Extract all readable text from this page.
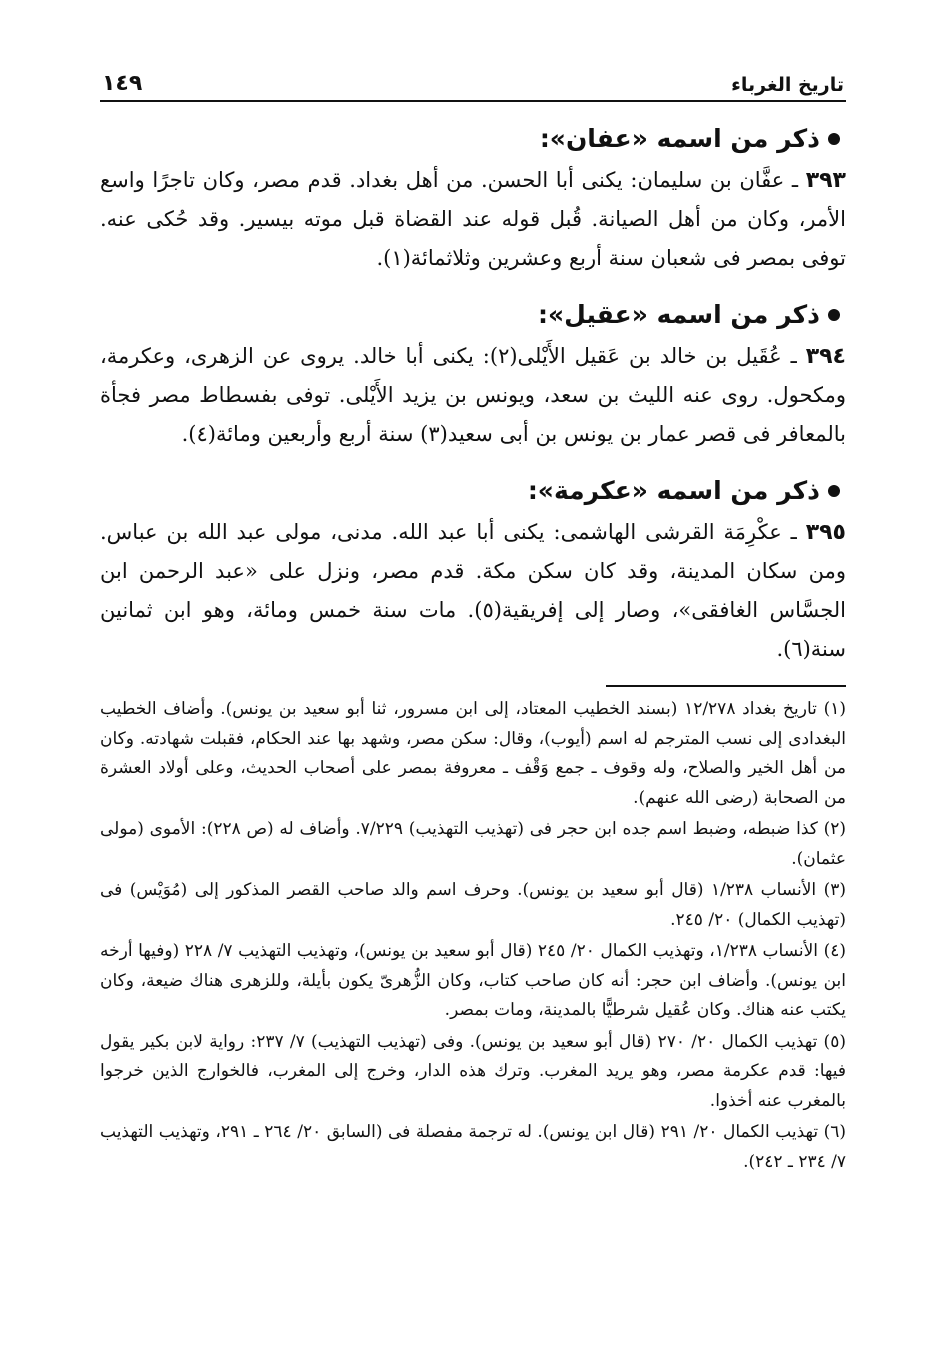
تاريخ الغرباء
١٤٩
ذكر من اسمه «عفان»:

٣٩٣ ـ عفَّان بن سليمان: يكنى أبا الحسن. من أهل بغداد. قدم مصر، وكان تاجرًا واسع الأمر، وكان من أهل الصيانة. قُبل قوله عند القضاة قبل موته بيسير. وقد حُكى عنه. توفى بمصر فى شعبان سنة أربع وعشرين وثلاثمائة(١).

ذكر من اسمه «عقيل»:

٣٩٤ ـ عُقَيل بن خالد بن عَقيل الأَيْلى(٢): يكنى أبا خالد. يروى عن الزهرى، وعكرمة، ومكحول. روى عنه الليث بن سعد، ويونس بن يزيد الأَيْلى. توفى بفسطاط مصر فجأة بالمعافر فى قصر عمار بن يونس بن أبى سعيد(٣) سنة أربع وأربعين ومائة(٤).

ذكر من اسمه «عكرمة»:

٣٩٥ ـ عكْرِمَة القرشى الهاشمى: يكنى أبا عبد الله. مدنى، مولى عبد الله بن عباس. ومن سكان المدينة، وقد كان سكن مكة. قدم مصر، ونزل على «عبد الرحمن ابن الجسَّاس الغافقى»، وصار إلى إفريقية(٥). مات سنة خمس ومائة، وهو ابن ثمانين سنة(٦).

(١) تاريخ بغداد ١٢/٢٧٨ (بسند الخطيب المعتاد، إلى ابن مسرور، ثنا أبو سعيد بن يونس). وأضاف الخطيب البغدادى إلى نسب المترجم له اسم (أيوب)، وقال: سكن مصر، وشهد بها عند الحكام، فقبلت شهادته. وكان من أهل الخير والصلاح، وله وقوف ـ جمع وَقْف ـ معروفة بمصر على أصحاب الحديث، وعلى أولاد العشرة من الصحابة (رضى الله عنهم).

(٢) كذا ضبطه، وضبط اسم جده ابن حجر فى (تهذيب التهذيب) ٧/٢٢٩. وأضاف له (ص ٢٢٨): الأموى (مولى عثمان).

(٣) الأنساب ١/٢٣٨ (قال أبو سعيد بن يونس). وحرف اسم والد صاحب القصر المذكور إلى (مُوَيْس) فى (تهذيب الكمال) ٢٠/ ٢٤٥.

(٤) الأنساب ١/٢٣٨، وتهذيب الكمال ٢٠/ ٢٤٥ (قال أبو سعيد بن يونس)، وتهذيب التهذيب ٧/ ٢٢٨ (وفيها أرخه ابن يونس). وأضاف ابن حجر: أنه كان صاحب كتاب، وكان الزُّهرىّ يكون بأيلة، وللزهرى هناك ضيعة، وكان يكتب عنه هناك. وكان عُقيل شرطيًّا بالمدينة، ومات بمصر.

(٥) تهذيب الكمال ٢٠/ ٢٧٠ (قال أبو سعيد بن يونس). وفى (تهذيب التهذيب) ٧/ ٢٣٧: رواية لابن بكير يقول فيها: قدم عكرمة مصر، وهو يريد المغرب. وترك هذه الدار، وخرج إلى المغرب، فالخوارج الذين خرجوا بالمغرب عنه أخذوا.

(٦) تهذيب الكمال ٢٠/ ٢٩١ (قال ابن يونس). له ترجمة مفصلة فى (السابق ٢٠/ ٢٦٤ ـ ٢٩١، وتهذيب التهذيب ٧/ ٢٣٤ ـ ٢٤٢).
